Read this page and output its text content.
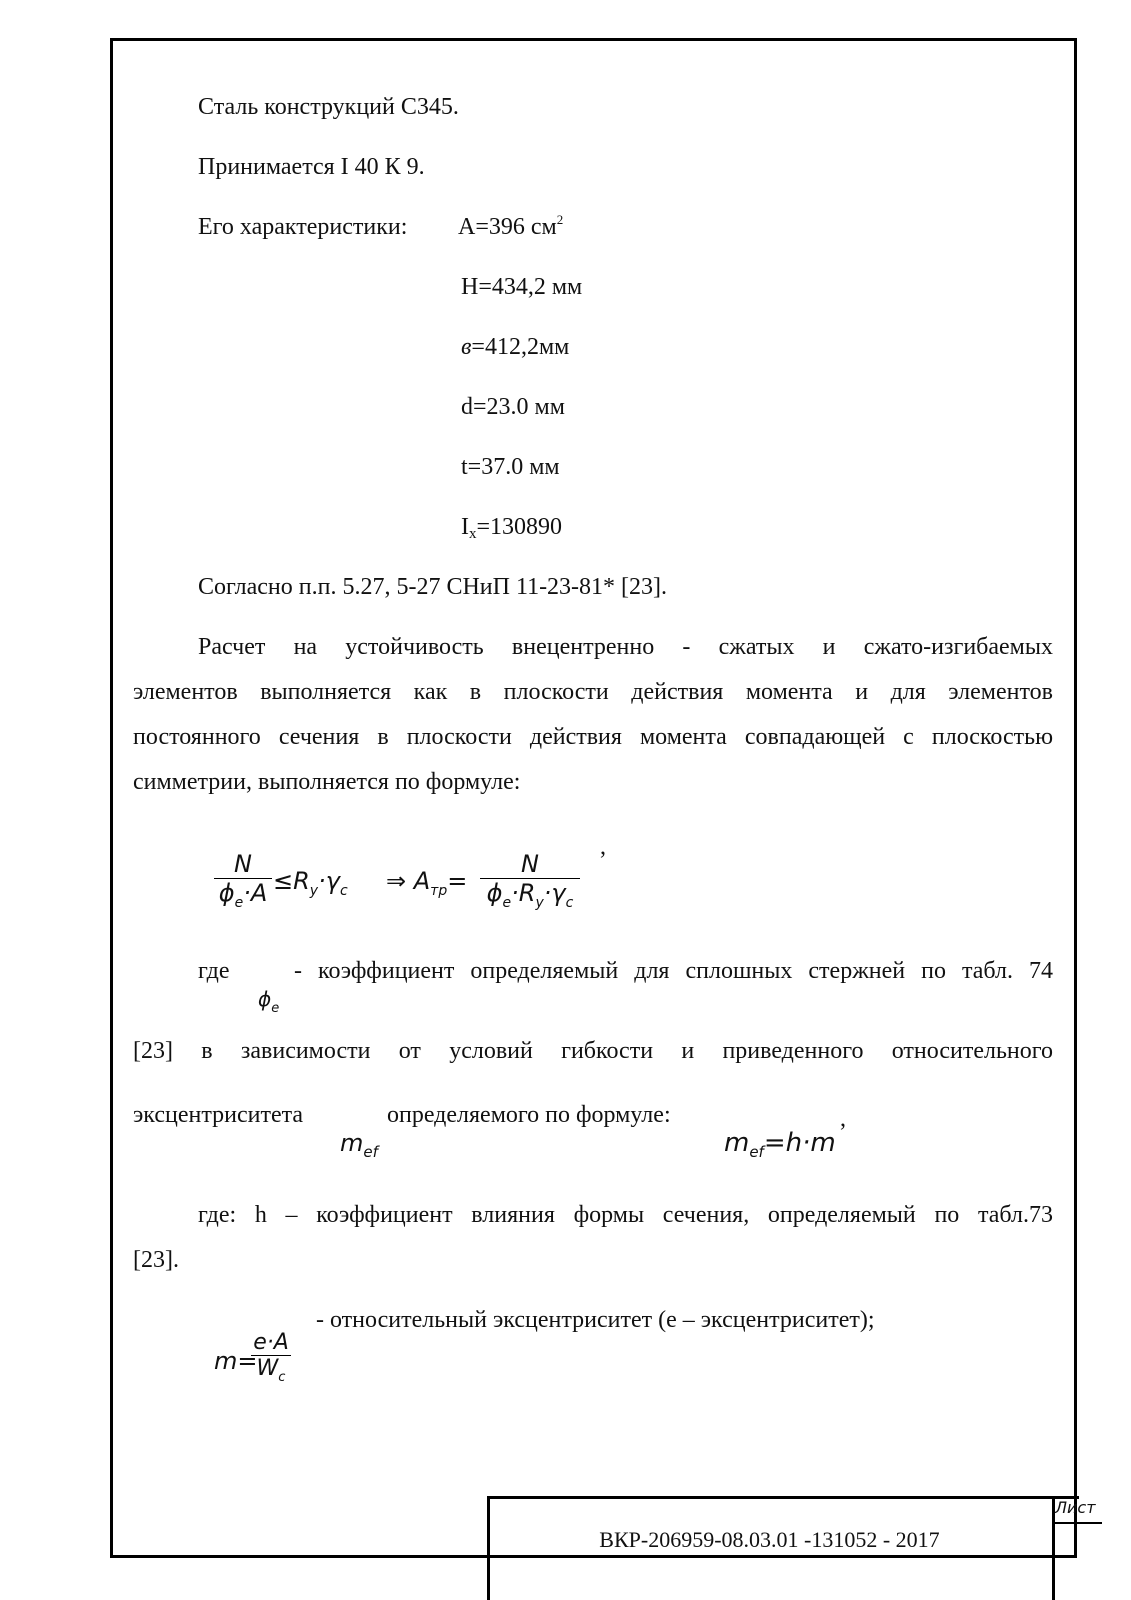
Сталь конструкций С345.
Принимается I 40 К 9.
Его характеристики: А=396 $см^2$
Н=434,2 мм
в=412,2мм
d=23.0 мм
t=37.0 мм
Ix=130890
Согласно п.п. 5.27, 5-27 СНиП 11-23-81* [23].
Расчет на устойчивость внецентренно - сжатых и сжато-изгибаемых
элементов выполняется как в плоскости действия момента и для элементов
постоянного сечения в плоскости действия момента совпадающей с плоскостью
симметрии, выполняется по формуле:
N
$\phi_e\cdot A \le R_y\cdot\gamma_c$ ⇒ $A_{тр}=$
N
$\phi_e\cdot R_y\cdot\gamma_c$
,
где
$\phi_e$
- коэффициент определяемый для сплошных стержней по табл. 74
[23] в зависимости от условий гибкости и приведенного относительного
эксцентриситета
$m_{ef}$
определяемого по формуле:
$m_{ef}=h\cdot m$
,
где: h – коэффициент влияния формы сечения, определяемый по табл.73
[23].
m=
e·A
$W_c$
- относительный эксцентриситет (е – эксцентриситет);
Лист
ВКР-206959-08.03.01 -131052 - 2017
